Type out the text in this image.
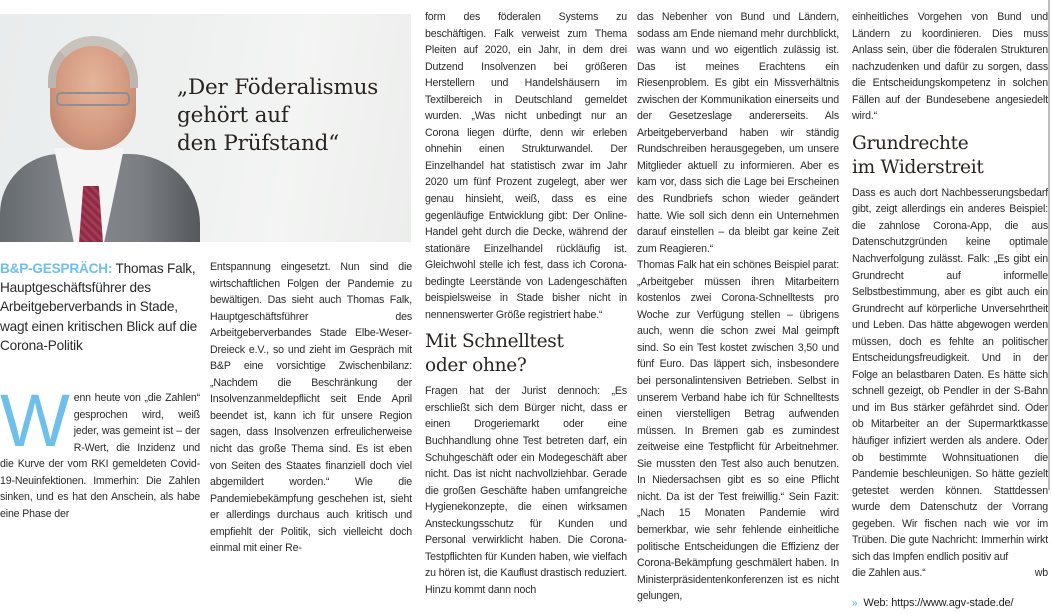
„Der Föderalismus
gehört auf
den Prüfstand“
B&P-GESPRÄCH: Thomas Falk, Hauptgeschäftsführer des Arbeitgeberverbands in Stade, wagt einen kritischen Blick auf die Corona-Politik
W enn heute von „die Zahlen“ gesprochen wird, weiß jeder, was gemeint ist – der R-Wert, die Inzidenz und die Kurve der vom RKI gemeldeten Covid-19-Neuinfektionen. Immerhin: Die Zahlen sinken, und es hat den Anschein, als habe eine Phase der

Entspannung eingesetzt. Nun sind die wirtschaftlichen Folgen der Pandemie zu bewältigen. Das sieht auch Thomas Falk, Hauptgeschäftsführer des Arbeitgeberverbandes Stade Elbe-Weser-Dreieck e.V., so und zieht im Gespräch mit B&P eine vorsichtige Zwischenbilanz: „Nachdem die Beschränkung der Insolvenzanmeldepflicht seit Ende April beendet ist, kann ich für unsere Region sagen, dass Insolvenzen erfreulicherweise nicht das große Thema sind. Es ist eben von Seiten des Staates finanziell doch viel abgemildert worden.“ Wie die Pandemiebekämpfung geschehen ist, sieht er allerdings durchaus auch kritisch und empfiehlt der Politik, sich vielleicht doch einmal mit einer Re-

form des föderalen Systems zu beschäftigen. Falk verweist zum Thema Pleiten auf 2020, ein Jahr, in dem drei Dutzend Insolvenzen bei größeren Herstellern und Handelshäusern im Textilbereich in Deutschland gemeldet wurden. „Was nicht unbedingt nur an Corona liegen dürfte, denn wir erleben ohnehin einen Strukturwandel. Der Einzelhandel hat statistisch zwar im Jahr 2020 um fünf Prozent zugelegt, aber wer genau hinsieht, weiß, dass es eine gegenläufige Entwicklung gibt: Der Online-Handel geht durch die Decke, während der stationäre Einzelhandel rückläufig ist. Gleichwohl stelle ich fest, dass ich Corona-bedingte Leerstände von Ladengeschäften beispielsweise in Stade bisher nicht in nennenswerter Größe registriert habe.“

Mit Schnelltest
oder ohne?

Fragen hat der Jurist dennoch: „Es erschließt sich dem Bürger nicht, dass er einen Drogeriemarkt oder eine Buchhandlung ohne Test betreten darf, ein Schuhgeschäft oder ein Modegeschäft aber nicht. Das ist nicht nachvollziehbar. Gerade die großen Geschäfte haben umfangreiche Hygienekonzepte, die einen wirksamen Ansteckungsschutz für Kunden und Personal verwirklicht haben. Die Corona-Testpflichten für Kunden haben, wie vielfach zu hören ist, die Kauflust drastisch reduziert. Hinzu kommt dann noch

das Nebenher von Bund und Ländern, sodass am Ende niemand mehr durchblickt, was wann und wo eigentlich zulässig ist. Das ist meines Erachtens ein Riesenproblem. Es gibt ein Missverhältnis zwischen der Kommunikation einerseits und der Gesetzeslage andererseits. Als Arbeitgeberverband haben wir ständig Rundschreiben herausgegeben, um unsere Mitglieder aktuell zu informieren. Aber es kam vor, dass sich die Lage bei Erscheinen des Rundbriefs schon wieder geändert hatte. Wie soll sich denn ein Unternehmen darauf einstellen – da bleibt gar keine Zeit zum Reagieren.“

Thomas Falk hat ein schönes Beispiel parat: „Arbeitgeber müssen ihren Mitarbeitern kostenlos zwei Corona-Schnelltests pro Woche zur Verfügung stellen – übrigens auch, wenn die schon zwei Mal geimpft sind. So ein Test kostet zwischen 3,50 und fünf Euro. Das läppert sich, insbesondere bei personalintensiven Betrieben. Selbst in unserem Verband habe ich für Schnelltests einen vierstelligen Betrag aufwenden müssen. In Bremen gab es zumindest zeitweise eine Testpflicht für Arbeitnehmer. Sie mussten den Test also auch benutzen. In Niedersachsen gibt es so eine Pflicht nicht. Da ist der Test freiwillig.“ Sein Fazit: „Nach 15 Monaten Pandemie wird bemerkbar, wie sehr fehlende einheitliche politische Entscheidungen die Effizienz der Corona-Bekämpfung geschmälert haben. In Ministerpräsidentenkonferenzen ist es nicht gelungen,

einheitliches Vorgehen von Bund und Ländern zu koordinieren. Dies muss Anlass sein, über die föderalen Strukturen nachzudenken und dafür zu sorgen, dass die Entscheidungskompetenz in solchen Fällen auf der Bundesebene angesiedelt wird.“

Grundrechte
im Widerstreit

Dass es auch dort Nachbesserungsbedarf gibt, zeigt allerdings ein anderes Beispiel: die zahnlose Corona-App, die aus Datenschutzgründen keine optimale Nachverfolgung zulässt. Falk: „Es gibt ein Grundrecht auf informelle Selbstbestimmung, aber es gibt auch ein Grundrecht auf körperliche Unversehrtheit und Leben. Das hätte abgewogen werden müssen, doch es fehlte an politischer Entscheidungsfreudigkeit. Und in der Folge an belastbaren Daten. Es hätte sich schnell gezeigt, ob Pendler in der S-Bahn und im Bus stärker gefährdet sind. Oder ob Mitarbeiter an der Supermarktkasse häufiger infiziert werden als andere. Oder ob bestimmte Wohnsituationen die Pandemie beschleunigen. So hätte gezielt getestet werden können. Stattdessen wurde dem Datenschutz der Vorrang gegeben. Wir fischen nach wie vor im Trüben. Die gute Nachricht: Immerhin wirkt sich das Impfen endlich positiv auf

die Zahlen aus.“	wb
» Web: https://www.agv-stade.de/
